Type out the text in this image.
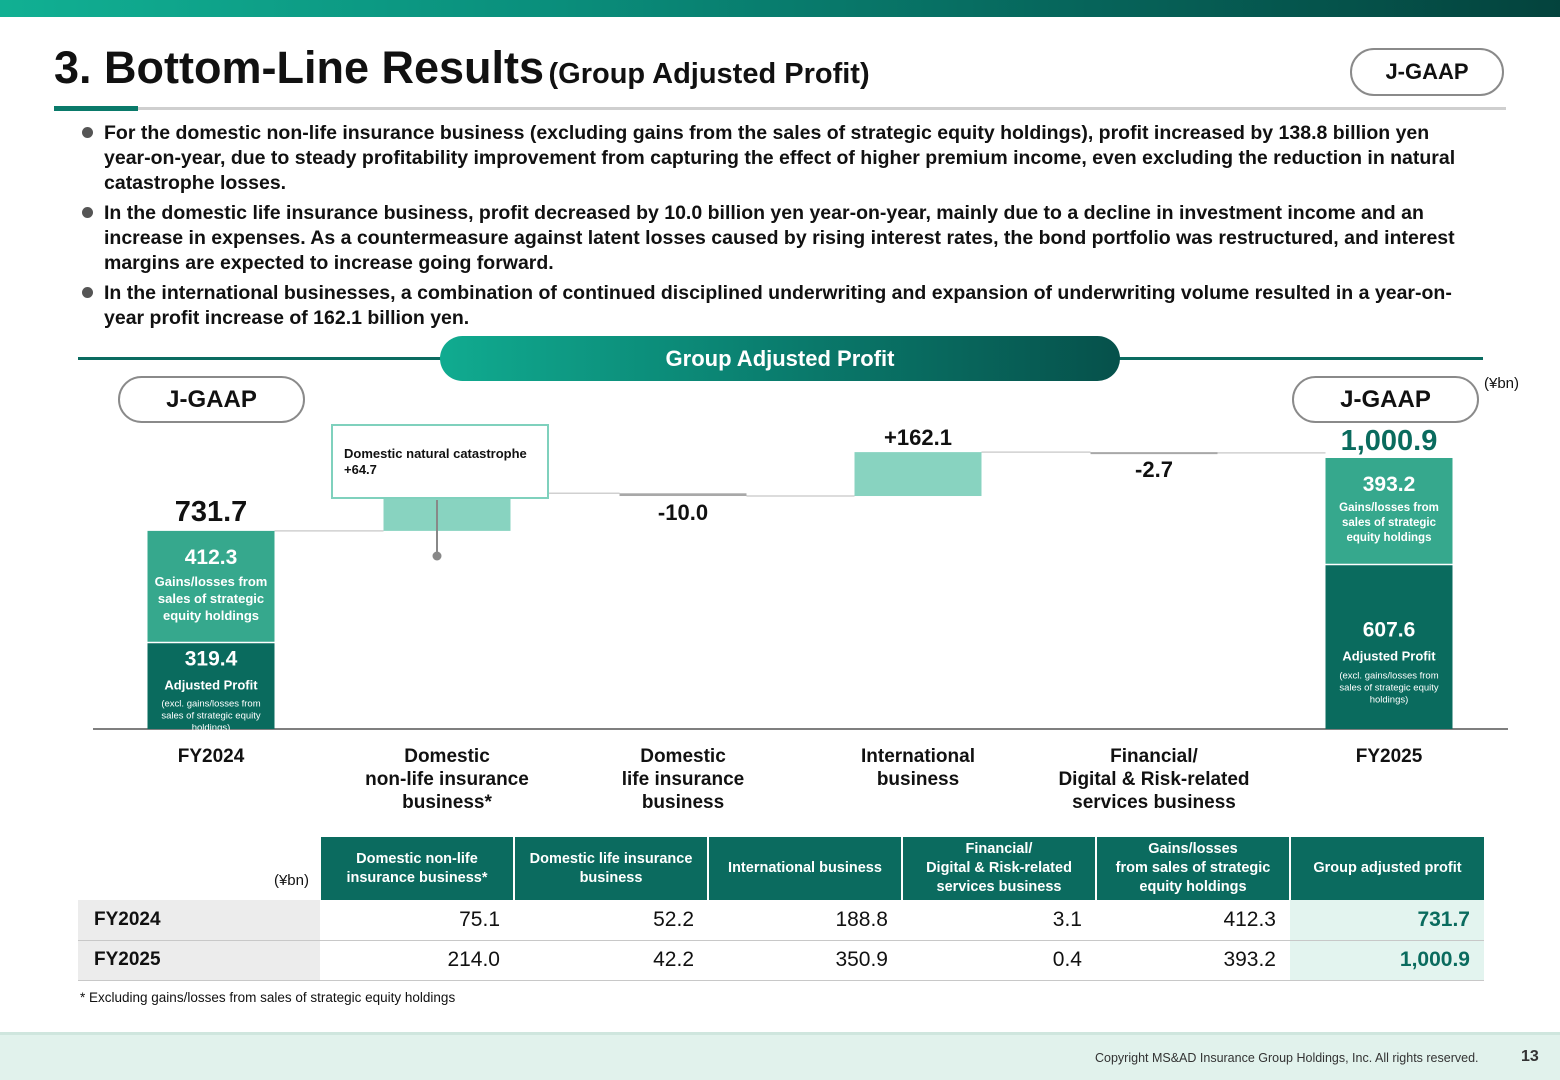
3. Bottom-Line Results (Group Adjusted Profit)	J-GAAP
For the domestic non-life insurance business (excluding gains from the sales of strategic equity holdings), profit increased by 138.8 billion yen year-on-year, due to steady profitability improvement from capturing the effect of higher premium income, even excluding the reduction in natural catastrophe losses.
In the domestic life insurance business, profit decreased by 10.0 billion yen year-on-year, mainly due to a decline in investment income and an increase in expenses. As a countermeasure against latent losses caused by rising interest rates, the bond portfolio was restructured, and interest margins are expected to increase going forward.
In the international businesses, a combination of continued disciplined underwriting and expansion of underwriting volume resulted in a year-on-year profit increase of 162.1 billion yen.
Group Adjusted Profit
J-GAAP	J-GAAP
(¥bn)
731.7
412.3
Gains/losses from
sales of strategic
equity holdings
319.4
Adjusted Profit
(excl. gains/losses from
sales of strategic equity
holdings)
-10.0
+162.1
-2.7
1,000.9
393.2
Gains/losses from
sales of strategic
equity holdings
607.6
Adjusted Profit
(excl. gains/losses from
sales of strategic equity
holdings)
FY2024	Domestic
non-life insurance
business*
Domestic
life insurance
business
International
business
Financial/
Digital & Risk-related
services business
FY2025
Domestic natural catastrophe
+64.7
(¥bn)	Domestic non-life
insurance business*	Domestic life insurance
business	International business	Financial/
Digital & Risk-related
services business	Gains/losses
from sales of strategic
equity holdings	Group adjusted profit
FY2024	75.1	52.2	188.8	3.1	412.3	731.7
FY2025	214.0	42.2	350.9	0.4	393.2	1,000.9
* Excluding gains/losses from sales of strategic equity holdings
Copyright MS&AD Insurance Group Holdings, Inc. All rights reserved.	13
